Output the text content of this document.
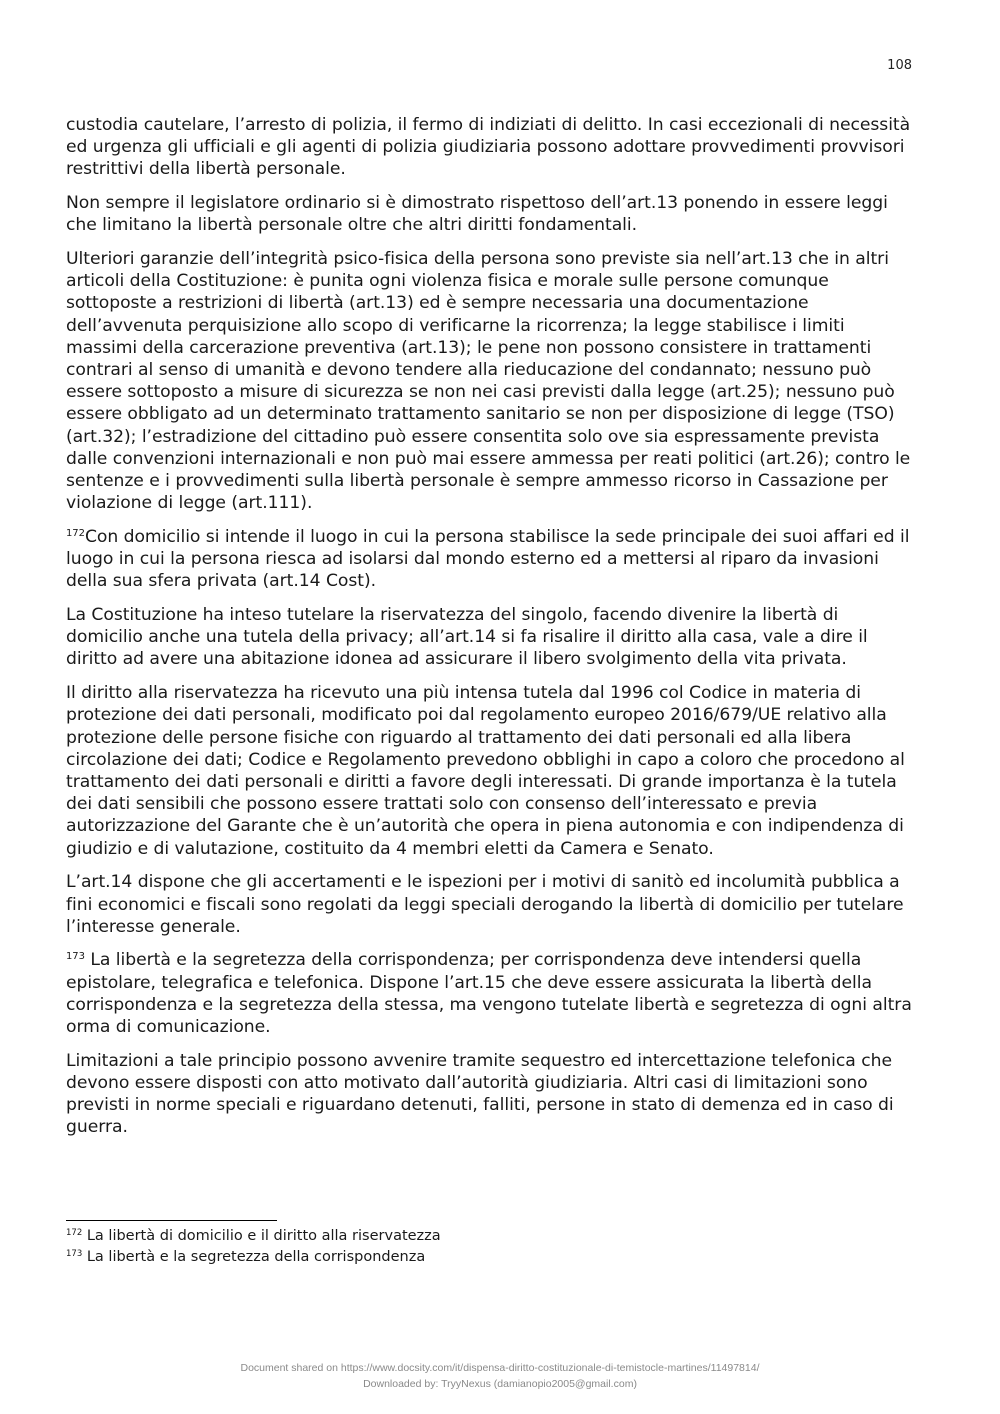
108

custodia cautelare, l’arresto di polizia, il fermo di indiziati di delitto. In casi eccezionali di necessità ed urgenza gli ufficiali e gli agenti di polizia giudiziaria possono adottare provvedimenti provvisori restrittivi della libertà personale.

Non sempre il legislatore ordinario si è dimostrato rispettoso dell’art.13 ponendo in essere leggi che limitano la libertà personale oltre che altri diritti fondamentali.

Ulteriori garanzie dell’integrità psico-fisica della persona sono previste sia nell’art.13 che in altri articoli della Costituzione: è punita ogni violenza fisica e morale sulle persone comunque sottoposte a restrizioni di libertà (art.13) ed è sempre necessaria una documentazione dell’avvenuta perquisizione allo scopo di verificarne la ricorrenza; la legge stabilisce i limiti massimi della carcerazione preventiva (art.13); le pene non possono consistere in trattamenti contrari al senso di umanità e devono tendere alla rieducazione del condannato; nessuno può essere sottoposto a misure di sicurezza se non nei casi previsti dalla legge (art.25); nessuno può essere obbligato ad un determinato trattamento sanitario se non per disposizione di legge (TSO) (art.32); l’estradizione del cittadino può essere consentita solo ove sia espressamente prevista dalle convenzioni internazionali e non può mai essere ammessa per reati politici (art.26); contro le sentenze e i provvedimenti sulla libertà personale è sempre ammesso ricorso in Cassazione per violazione di legge (art.111).

$^{172}$Con domicilio si intende il luogo in cui la persona stabilisce la sede principale dei suoi affari ed il luogo in cui la persona riesca ad isolarsi dal mondo esterno ed a mettersi al riparo da invasioni della sua sfera privata (art.14 Cost).

La Costituzione ha inteso tutelare la riservatezza del singolo, facendo divenire la libertà di domicilio anche una tutela della privacy; all’art.14 si fa risalire il diritto alla casa, vale a dire il diritto ad avere una abitazione idonea ad assicurare il libero svolgimento della vita privata.

Il diritto alla riservatezza ha ricevuto una più intensa tutela dal 1996 col Codice in materia di protezione dei dati personali, modificato poi dal regolamento europeo 2016/679/UE relativo alla protezione delle persone fisiche con riguardo al trattamento dei dati personali ed alla libera circolazione dei dati; Codice e Regolamento prevedono obblighi in capo a coloro che procedono al trattamento dei dati personali e diritti a favore degli interessati. Di grande importanza è la tutela dei dati sensibili che possono essere trattati solo con consenso dell’interessato e previa autorizzazione del Garante che è un’autorità che opera in piena autonomia e con indipendenza di giudizio e di valutazione, costituito da 4 membri eletti da Camera e Senato.

L’art.14 dispone che gli accertamenti e le ispezioni per i motivi di sanitò ed incolumità pubblica a fini economici e fiscali sono regolati da leggi speciali derogando la libertà di domicilio per tutelare l’interesse generale.

$^{173}$ La libertà e la segretezza della corrispondenza; per corrispondenza deve intendersi quella epistolare, telegrafica e telefonica. Dispone l’art.15 che deve essere assicurata la libertà della corrispondenza e la segretezza della stessa, ma vengono tutelate libertà e segretezza di ogni altra orma di comunicazione.

Limitazioni a tale principio possono avvenire tramite sequestro ed intercettazione telefonica che devono essere disposti con atto motivato dall’autorità giudiziaria. Altri casi di limitazioni sono previsti in norme speciali e riguardano detenuti, falliti, persone in stato di demenza ed in caso di guerra.

$^{172}$ La libertà di domicilio e il diritto alla riservatezza
$^{173}$ La libertà e la segretezza della corrispondenza
Document shared on https://www.docsity.com/it/dispensa-diritto-costituzionale-di-temistocle-martines/11497814/
Downloaded by: TryyNexus (damianopio2005@gmail.com)
